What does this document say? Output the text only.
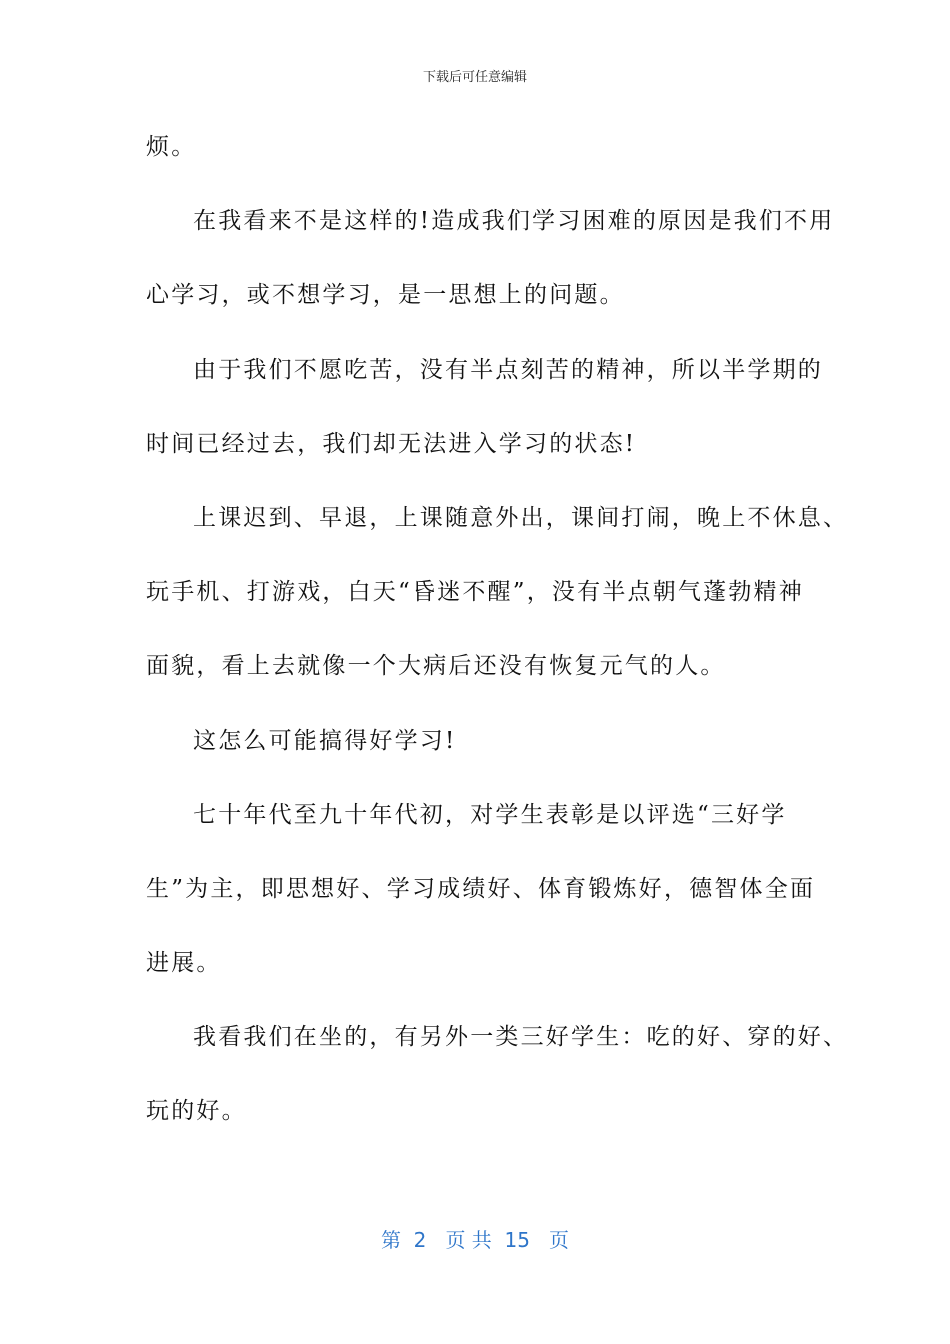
下载后可任意编辑
烦。
在我看来不是这样的!造成我们学习困难的原因是我们不用
心学习，或不想学习，是一思想上的问题。
由于我们不愿吃苦，没有半点刻苦的精神，所以半学期的
时间已经过去，我们却无法进入学习的状态!
上课迟到、早退，上课随意外出，课间打闹，晚上不休息、
玩手机、打游戏，白天“昏迷不醒”，没有半点朝气蓬勃精神
面貌，看上去就像一个大病后还没有恢复元气的人。
这怎么可能搞得好学习!
七十年代至九十年代初，对学生表彰是以评选“三好学
生”为主，即思想好、学习成绩好、体育锻炼好，德智体全面
进展。
我看我们在坐的，有另外一类三好学生：吃的好、穿的好、
玩的好。
第  2   页 共  15   页
